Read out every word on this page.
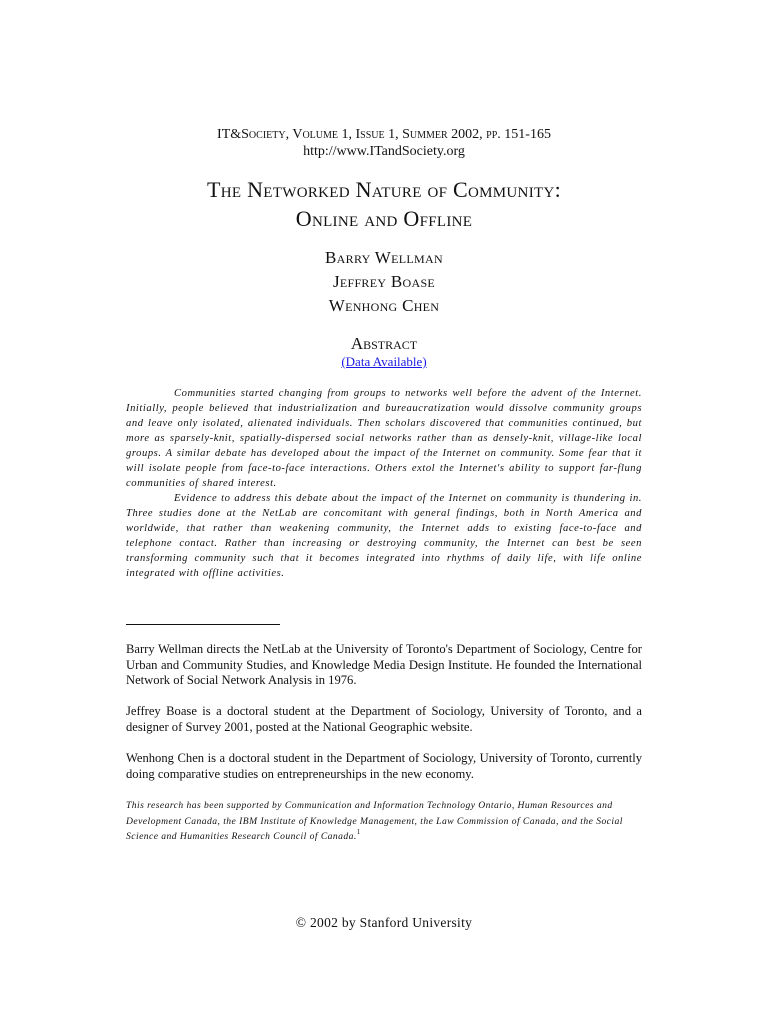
IT&Society, Volume 1, Issue 1, Summer 2002, pp. 151-165
http://www.ITandSociety.org
The Networked Nature of Community:
Online and Offline
Barry Wellman
Jeffrey Boase
Wenhong Chen
Abstract
(Data Available)

Communities started changing from groups to networks well before the advent of the Internet. Initially, people believed that industrialization and bureaucratization would dissolve community groups and leave only isolated, alienated individuals. Then scholars discovered that communities continued, but more as sparsely-knit, spatially-dispersed social networks rather than as densely-knit, village-like local groups. A similar debate has developed about the impact of the Internet on community. Some fear that it will isolate people from face-to-face interactions. Others extol the Internet's ability to support far-flung communities of shared interest.

Evidence to address this debate about the impact of the Internet on community is thundering in. Three studies done at the NetLab are concomitant with general findings, both in North America and worldwide, that rather than weakening community, the Internet adds to existing face-to-face and telephone contact. Rather than increasing or destroying community, the Internet can best be seen transforming community such that it becomes integrated into rhythms of daily life, with life online integrated with offline activities.

Barry Wellman directs the NetLab at the University of Toronto's Department of Sociology, Centre for Urban and Community Studies, and Knowledge Media Design Institute. He founded the International Network of Social Network Analysis in 1976.

Jeffrey Boase is a doctoral student at the Department of Sociology, University of Toronto, and a designer of Survey 2001, posted at the National Geographic website.

Wenhong Chen is a doctoral student in the Department of Sociology, University of Toronto, currently doing comparative studies on entrepreneurships in the new economy.

This research has been supported by Communication and Information Technology Ontario, Human Resources and Development Canada, the IBM Institute of Knowledge Management, the Law Commission of Canada, and the Social Science and Humanities Research Council of Canada.$^1$

© 2002 by Stanford University
